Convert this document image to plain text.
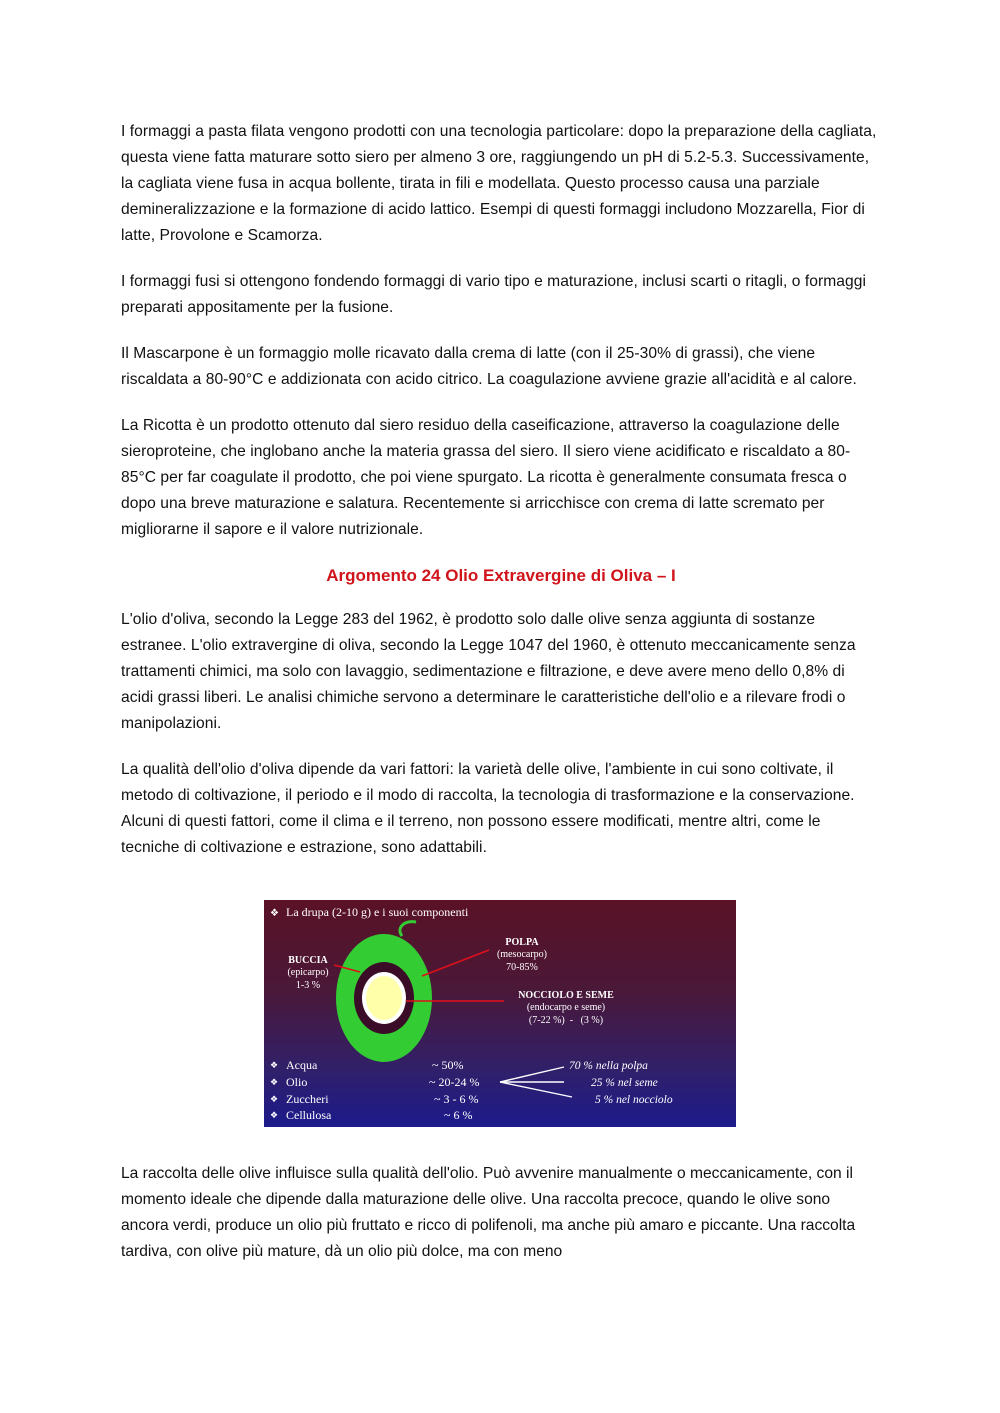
I formaggi a pasta filata vengono prodotti con una tecnologia particolare: dopo la preparazione della cagliata, questa viene fatta maturare sotto siero per almeno 3 ore, raggiungendo un pH di 5.2-5.3. Successivamente, la cagliata viene fusa in acqua bollente, tirata in fili e modellata. Questo processo causa una parziale demineralizzazione e la formazione di acido lattico. Esempi di questi formaggi includono Mozzarella, Fior di latte, Provolone e Scamorza.

I formaggi fusi si ottengono fondendo formaggi di vario tipo e maturazione, inclusi scarti o ritagli, o formaggi preparati appositamente per la fusione.

Il Mascarpone è un formaggio molle ricavato dalla crema di latte (con il 25-30% di grassi), che viene riscaldata a 80-90°C e addizionata con acido citrico. La coagulazione avviene grazie all'acidità e al calore.

La Ricotta è un prodotto ottenuto dal siero residuo della caseificazione, attraverso la coagulazione delle sieroproteine, che inglobano anche la materia grassa del siero. Il siero viene acidificato e riscaldato a 80-85°C per far coagulate il prodotto, che poi viene spurgato. La ricotta è generalmente consumata fresca o dopo una breve maturazione e salatura. Recentemente si arricchisce con crema di latte scremato per migliorarne il sapore e il valore nutrizionale.

Argomento 24 Olio Extravergine di Oliva – I

L'olio d'oliva, secondo la Legge 283 del 1962, è prodotto solo dalle olive senza aggiunta di sostanze estranee. L'olio extravergine di oliva, secondo la Legge 1047 del 1960, è ottenuto meccanicamente senza trattamenti chimici, ma solo con lavaggio, sedimentazione e filtrazione, e deve avere meno dello 0,8% di acidi grassi liberi. Le analisi chimiche servono a determinare le caratteristiche dell'olio e a rilevare frodi o manipolazioni.

La qualità dell'olio d'oliva dipende da vari fattori: la varietà delle olive, l'ambiente in cui sono coltivate, il metodo di coltivazione, il periodo e il modo di raccolta, la tecnologia di trasformazione e la conservazione. Alcuni di questi fattori, come il clima e il terreno, non possono essere modificati, mentre altri, come le tecniche di coltivazione e estrazione, sono adattabili.

❖ La drupa (2-10 g) e i suoi componenti
BUCCIA
(epicarpo)
1-3 %
POLPA
(mesocarpo)
70-85%
NOCCIOLO E SEME
(endocarpo e seme)
(7-22 %)  -   (3 %)
❖ Acqua	~ 50%
❖ Olio	~ 20-24 %
❖ Zuccheri	~ 3 - 6 %
❖ Cellulosa	~ 6 %
70 % nella polpa
25 % nel seme
5 % nel nocciolo

La raccolta delle olive influisce sulla qualità dell'olio. Può avvenire manualmente o meccanicamente, con il momento ideale che dipende dalla maturazione delle olive. Una raccolta precoce, quando le olive sono ancora verdi, produce un olio più fruttato e ricco di polifenoli, ma anche più amaro e piccante. Una raccolta tardiva, con olive più mature, dà un olio più dolce, ma con meno
